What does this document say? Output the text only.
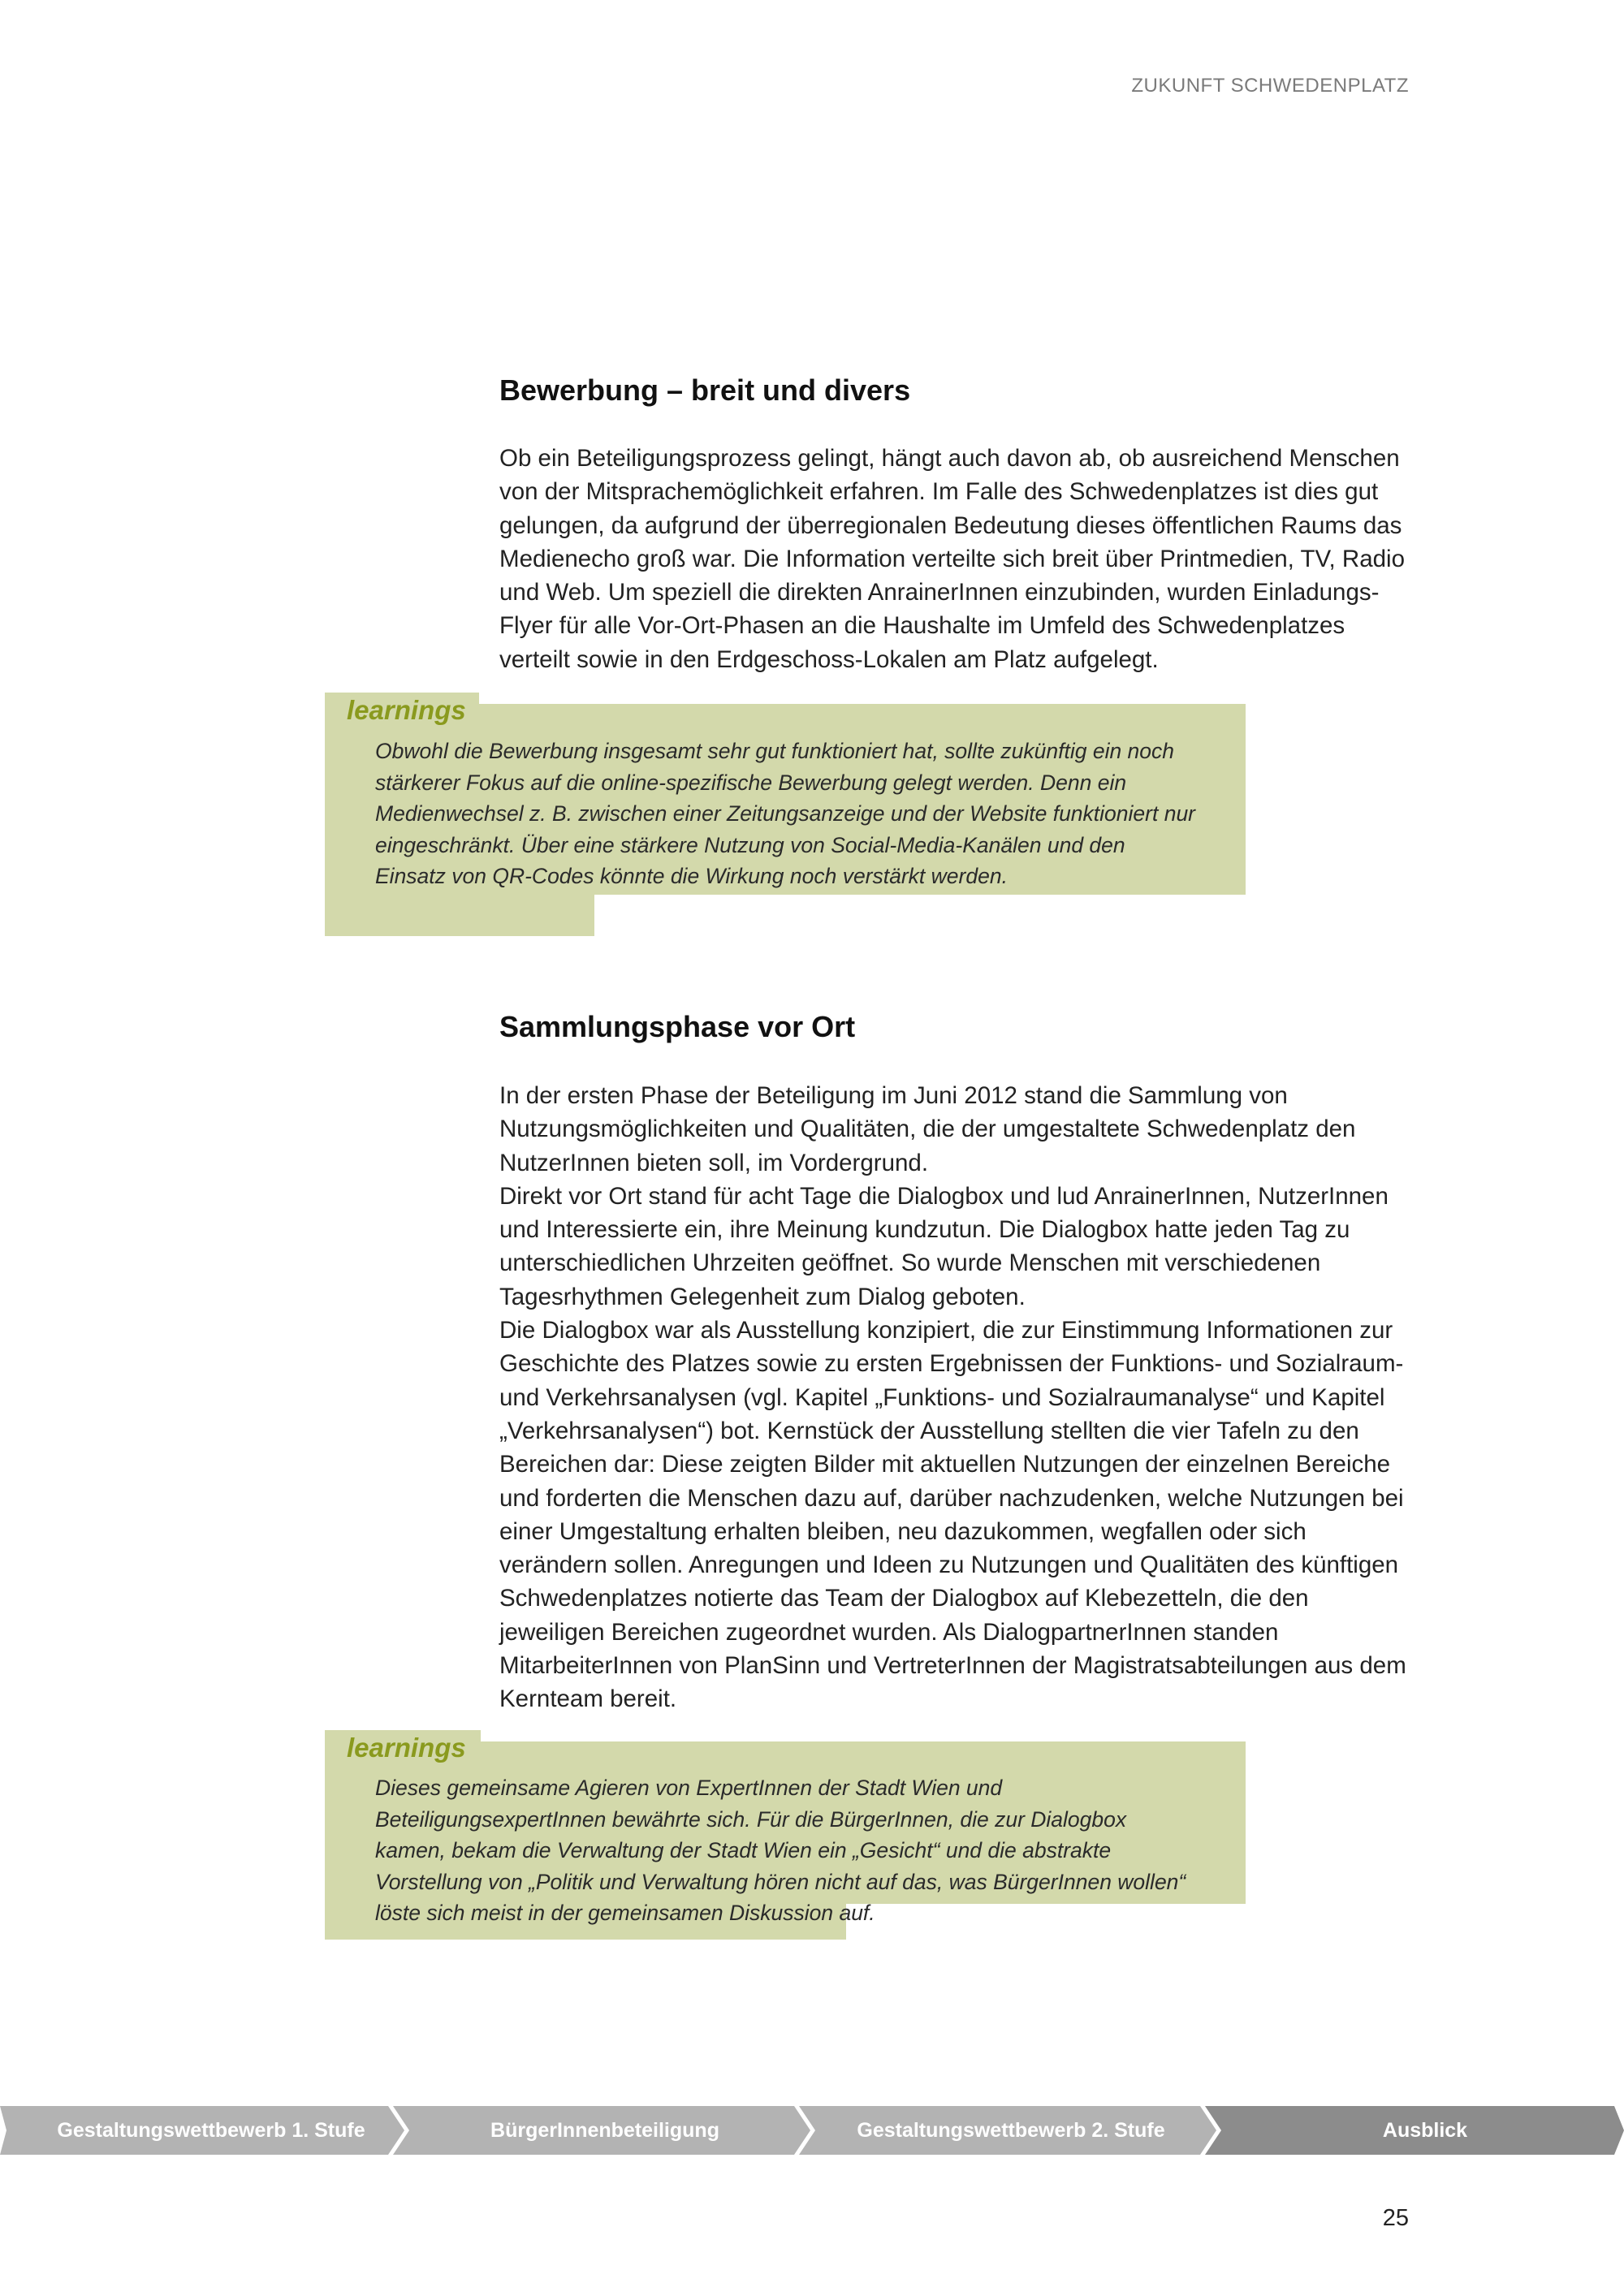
ZUKUNFT SCHWEDENPLATZ
Bewerbung – breit und divers

Ob ein Beteiligungsprozess gelingt, hängt auch davon ab, ob ausreichend Menschen von der Mitsprachemöglichkeit erfahren. Im Falle des Schwedenplatzes ist dies gut gelungen, da aufgrund der überregionalen Bedeutung dieses öffentlichen Raums das Medienecho groß war. Die Information verteilte sich breit über Printmedien, TV, Radio und Web. Um speziell die direkten AnrainerInnen einzubinden, wurden Einladungs-Flyer für alle Vor-Ort-Phasen an die Haushalte im Umfeld des Schwedenplatzes verteilt sowie in den Erdgeschoss-Lokalen am Platz aufgelegt.

learnings

Obwohl die Bewerbung insgesamt sehr gut funktioniert hat, sollte zukünftig ein noch stärkerer Fokus auf die online-spezifische Bewerbung gelegt werden. Denn ein Medienwechsel z. B. zwischen einer Zeitungsanzeige und der Website funktioniert nur eingeschränkt. Über eine stärkere Nutzung von Social-Media-Kanälen und den Einsatz von QR-Codes könnte die Wirkung noch verstärkt werden.

Sammlungsphase vor Ort

In der ersten Phase der Beteiligung im Juni 2012 stand die Sammlung von Nutzungsmöglichkeiten und Qualitäten, die der umgestaltete Schwedenplatz den NutzerInnen bieten soll, im Vordergrund.

Direkt vor Ort stand für acht Tage die Dialogbox und lud AnrainerInnen, NutzerInnen und Interessierte ein, ihre Meinung kundzutun. Die Dialogbox hatte jeden Tag zu unterschiedlichen Uhrzeiten geöffnet. So wurde Menschen mit verschiedenen Tagesrhythmen Gelegenheit zum Dialog geboten.

Die Dialogbox war als Ausstellung konzipiert, die zur Einstimmung Informationen zur Geschichte des Platzes sowie zu ersten Ergebnissen der Funktions- und Sozialraum- und Verkehrsanalysen (vgl. Kapitel „Funktions- und Sozialraumanalyse“ und Kapitel „Verkehrsanalysen“) bot. Kernstück der Ausstellung stellten die vier Tafeln zu den Bereichen dar: Diese zeigten Bilder mit aktuellen Nutzungen der einzelnen Bereiche und forderten die Menschen dazu auf, darüber nachzudenken, welche Nutzungen bei einer Umgestaltung erhalten bleiben, neu dazukommen, wegfallen oder sich verändern sollen. Anregungen und Ideen zu Nutzungen und Qualitäten des künftigen Schwedenplatzes notierte das Team der Dialogbox auf Klebezetteln, die den jeweiligen Bereichen zugeordnet wurden. Als DialogpartnerInnen standen MitarbeiterInnen von PlanSinn und VertreterInnen der Magistratsabteilungen aus dem Kernteam bereit.

learnings

Dieses gemeinsame Agieren von ExpertInnen der Stadt Wien und BeteiligungsexpertInnen bewährte sich. Für die BürgerInnen, die zur Dialogbox kamen, bekam die Verwaltung der Stadt Wien ein „Gesicht“ und die abstrakte Vorstellung von „Politik und Verwaltung hören nicht auf das, was BürgerInnen wollen“ löste sich meist in der gemeinsamen Diskussion auf.

Gestaltungswettbewerb 1. Stufe	BürgerInnenbeteiligung	Gestaltungswettbewerb 2. Stufe	Ausblick
25
